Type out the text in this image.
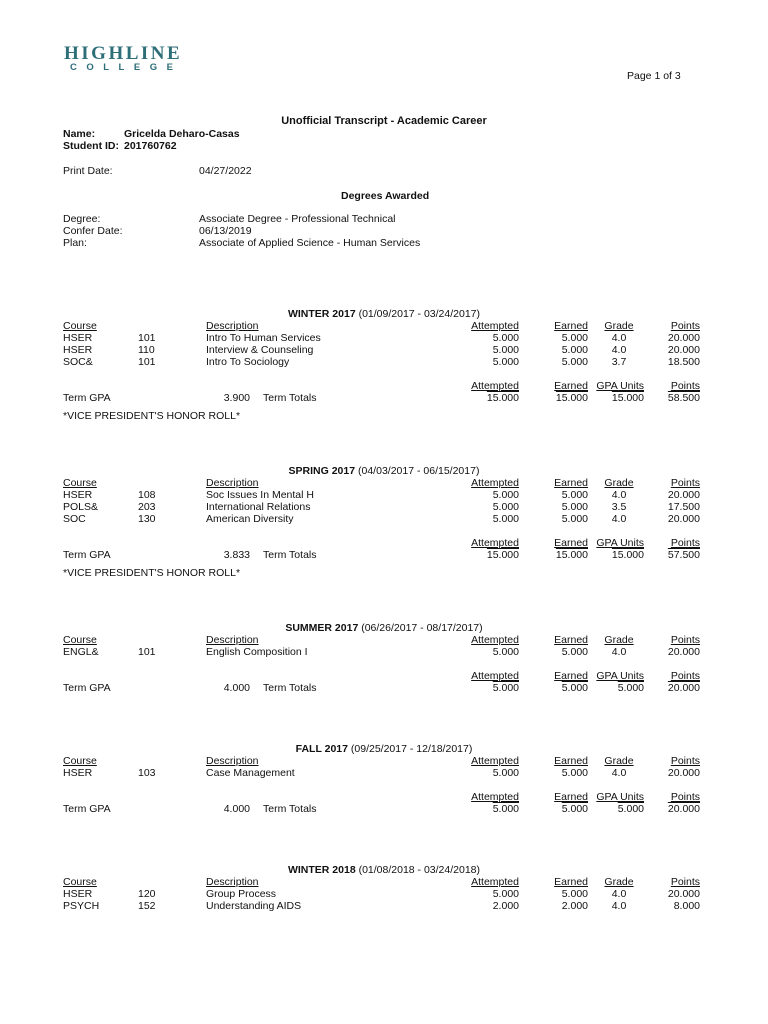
HIGHLINE
COLLEGE
Page 1 of 3
Unofficial Transcript - Academic Career
Name:	Gricelda Deharo-Casas
Student ID: 201760762
Print Date:	04/27/2022
Degrees Awarded
Degree:	Associate Degree - Professional Technical
Confer Date:	06/13/2019
Plan:	Associate of Applied Science - Human Services
WINTER 2017 (01/09/2017 - 03/24/2017)
Course	Description	Attempted	Earned Grade	Points
HSER	101	Intro To Human Services	5.000	5.000	4.0	20.000
HSER	110	Interview & Counseling	5.000	5.000	4.0	20.000
SOC&	101	Intro To Sociology	5.000	5.000	3.7	18.500
Attempted	Earned GPA Units	Points
Term GPA	3.900 Term Totals	15.000	15.000	15.000	58.500
*VICE PRESIDENT'S HONOR ROLL*
SPRING 2017 (04/03/2017 - 06/15/2017)
Course	Description	Attempted	Earned Grade	Points
HSER	108	Soc Issues In Mental H	5.000	5.000	4.0	20.000
POLS&	203	International Relations	5.000	5.000	3.5	17.500
SOC	130	American Diversity	5.000	5.000	4.0	20.000
Attempted	Earned GPA Units	Points
Term GPA	3.833 Term Totals	15.000	15.000	15.000	57.500
*VICE PRESIDENT'S HONOR ROLL*
SUMMER 2017 (06/26/2017 - 08/17/2017)
Course	Description	Attempted	Earned Grade	Points
ENGL&	101	English Composition I	5.000	5.000	4.0	20.000
Attempted	Earned GPA Units	Points
Term GPA	4.000 Term Totals	5.000	5.000	5.000	20.000
FALL 2017 (09/25/2017 - 12/18/2017)
Course	Description	Attempted	Earned Grade	Points
HSER	103	Case Management	5.000	5.000	4.0	20.000
Attempted	Earned GPA Units	Points
Term GPA	4.000 Term Totals	5.000	5.000	5.000	20.000
WINTER 2018 (01/08/2018 - 03/24/2018)
Course	Description	Attempted	Earned Grade	Points
HSER	120	Group Process	5.000	5.000	4.0	20.000
PSYCH	152	Understanding AIDS	2.000	2.000	4.0	8.000
